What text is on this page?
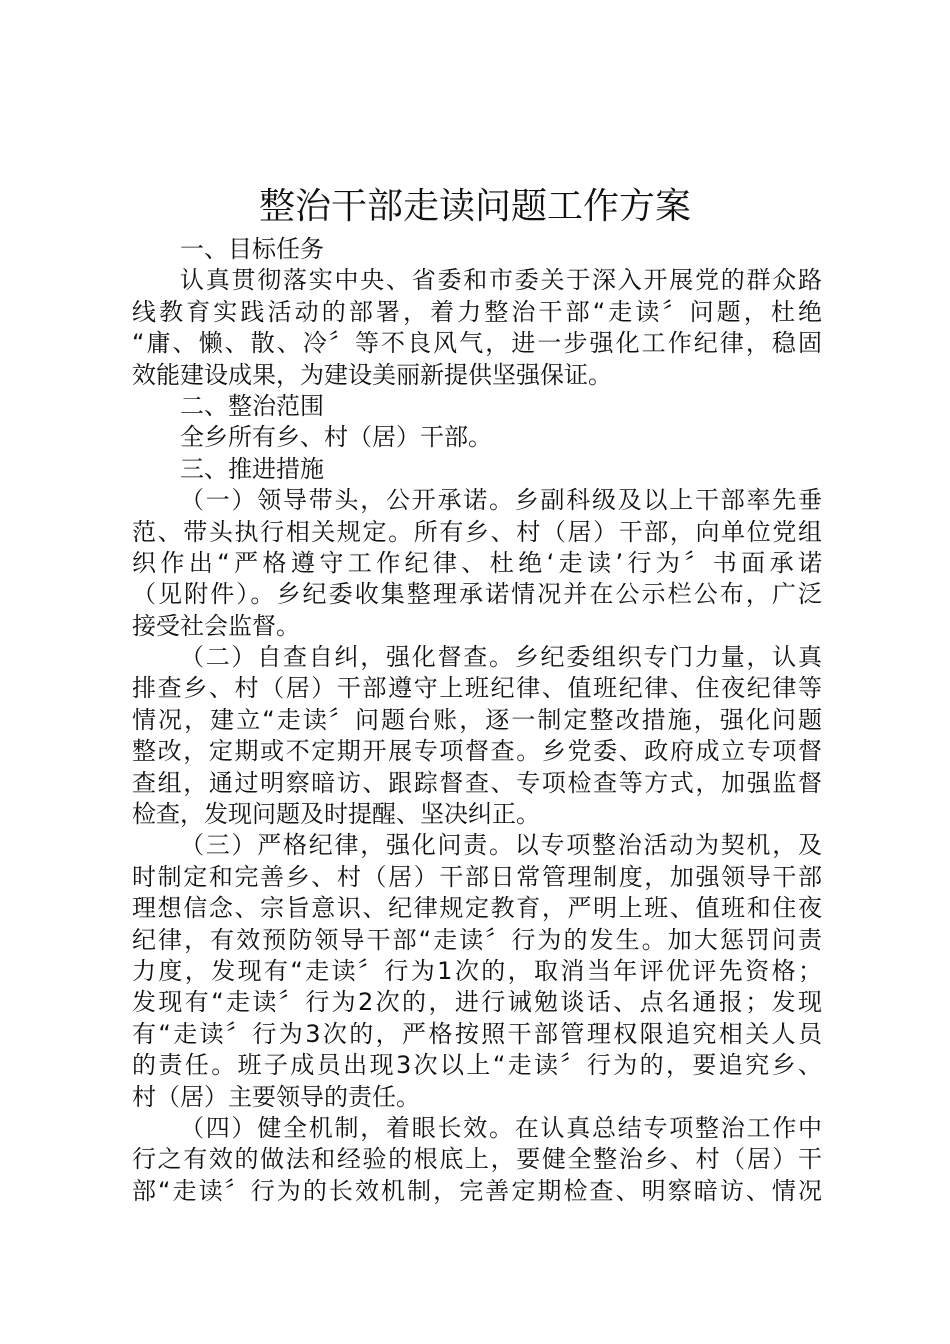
整治干部走读问题工作方案
一、目标任务
认真贯彻落实中央、省委和市委关于深入开展党的群众路
线教育实践活动的部署，着力整治干部“走读〞问题，杜绝
“庸、懒、散、冷〞等不良风气，进一步强化工作纪律，稳固
效能建设成果，为建设美丽新提供坚强保证。
二、整治范围
全乡所有乡、村（居）干部。
三、推进措施
（一）领导带头，公开承诺。乡副科级及以上干部率先垂
范、带头执行相关规定。所有乡、村（居）干部，向单位党组
织作出“严格遵守工作纪律、杜绝‘走读’行为〞书面承诺
（见附件）。乡纪委收集整理承诺情况并在公示栏公布，广泛
接受社会监督。
（二）自查自纠，强化督查。乡纪委组织专门力量，认真
排查乡、村（居）干部遵守上班纪律、值班纪律、住夜纪律等
情况，建立“走读〞问题台账，逐一制定整改措施，强化问题
整改，定期或不定期开展专项督查。乡党委、政府成立专项督
查组，通过明察暗访、跟踪督查、专项检查等方式，加强监督
检查，发现问题及时提醒、坚决纠正。
（三）严格纪律，强化问责。以专项整治活动为契机，及
时制定和完善乡、村（居）干部日常管理制度，加强领导干部
理想信念、宗旨意识、纪律规定教育，严明上班、值班和住夜
纪律，有效预防领导干部“走读〞行为的发生。加大惩罚问责
力度，发现有“走读〞行为1次的，取消当年评优评先资格；
发现有“走读〞行为2次的，进行诫勉谈话、点名通报；发现
有“走读〞行为3次的，严格按照干部管理权限追究相关人员
的责任。班子成员出现3次以上“走读〞行为的，要追究乡、
村（居）主要领导的责任。
（四）健全机制，着眼长效。在认真总结专项整治工作中
行之有效的做法和经验的根底上，要健全整治乡、村（居）干
部“走读〞行为的长效机制，完善定期检查、明察暗访、情况
